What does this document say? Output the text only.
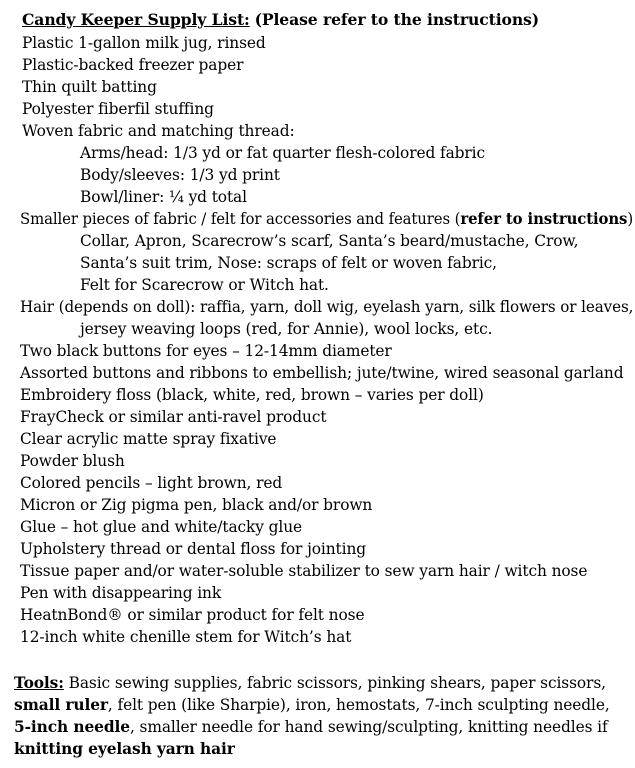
Candy Keeper Supply List: (Please refer to the instructions)
Plastic 1-gallon milk jug, rinsed
Plastic-backed freezer paper
Thin quilt batting
Polyester fiberfil stuffing
Woven fabric and matching thread:
Arms/head: 1/3 yd or fat quarter flesh-colored fabric
Body/sleeves: 1/3 yd print
Bowl/liner: ¼ yd total
Smaller pieces of fabric / felt for accessories and features (refer to instructions)
Collar, Apron, Scarecrow’s scarf, Santa’s beard/mustache, Crow,
Santa’s suit trim, Nose: scraps of felt or woven fabric,
Felt for Scarecrow or Witch hat.
Hair (depends on doll): raffia, yarn, doll wig, eyelash yarn, silk flowers or leaves,
jersey weaving loops (red, for Annie), wool locks, etc.
Two black buttons for eyes – 12-14mm diameter
Assorted buttons and ribbons to embellish; jute/twine, wired seasonal garland
Embroidery floss (black, white, red, brown – varies per doll)
FrayCheck or similar anti-ravel product
Clear acrylic matte spray fixative
Powder blush
Colored pencils – light brown, red
Micron or Zig pigma pen, black and/or brown
Glue – hot glue and white/tacky glue
Upholstery thread or dental floss for jointing
Tissue paper and/or water-soluble stabilizer to sew yarn hair / witch nose
Pen with disappearing ink
HeatnBond® or similar product for felt nose
12-inch white chenille stem for Witch’s hat
Tools: Basic sewing supplies, fabric scissors, pinking shears, paper scissors,
small ruler, felt pen (like Sharpie), iron, hemostats, 7-inch sculpting needle,
5-inch needle, smaller needle for hand sewing/sculpting, knitting needles if
knitting eyelash yarn hair
